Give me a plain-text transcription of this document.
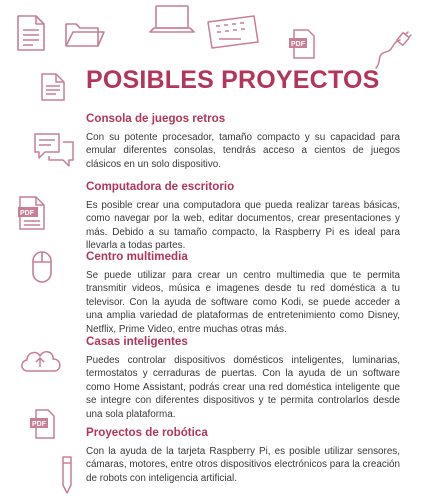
PDF
PDF
PDF
POSIBLES PROYECTOS
Consola de juegos retros

Con su potente procesador, tamaño compacto y su capacidad para emular diferentes consolas, tendrás acceso a cientos de juegos clásicos en un solo dispositivo.

Computadora de escritorio

Es posible crear una computadora que pueda realizar tareas básicas, como navegar por la web, editar documentos, crear presentaciones y más. Debido a su tamaño compacto, la Raspberry Pi es ideal para llevarla a todas partes.

Centro multimedia

Se puede utilizar para crear un centro multimedia que te permita transmitir videos, música e imagenes desde tu red doméstica a tu televisor. Con la ayuda de software como Kodi, se puede acceder a una amplia variedad de plataformas de entretenimiento como Disney, Netflix, Prime Video, entre muchas otras más.

Casas inteligentes

Puedes controlar dispositivos domésticos inteligentes, luminarias, termostatos y cerraduras de puertas. Con la ayuda de un software como Home Assistant, podrás crear una red doméstica inteligente que se integre con diferentes dispositivos y te permita controlarlos desde una sola plataforma.

Proyectos de robótica

Con la ayuda de la tarjeta Raspberry Pi, es posible utilizar sensores, cámaras, motores, entre otros dispositivos electrónicos para la creación de robots con inteligencia artificial.
